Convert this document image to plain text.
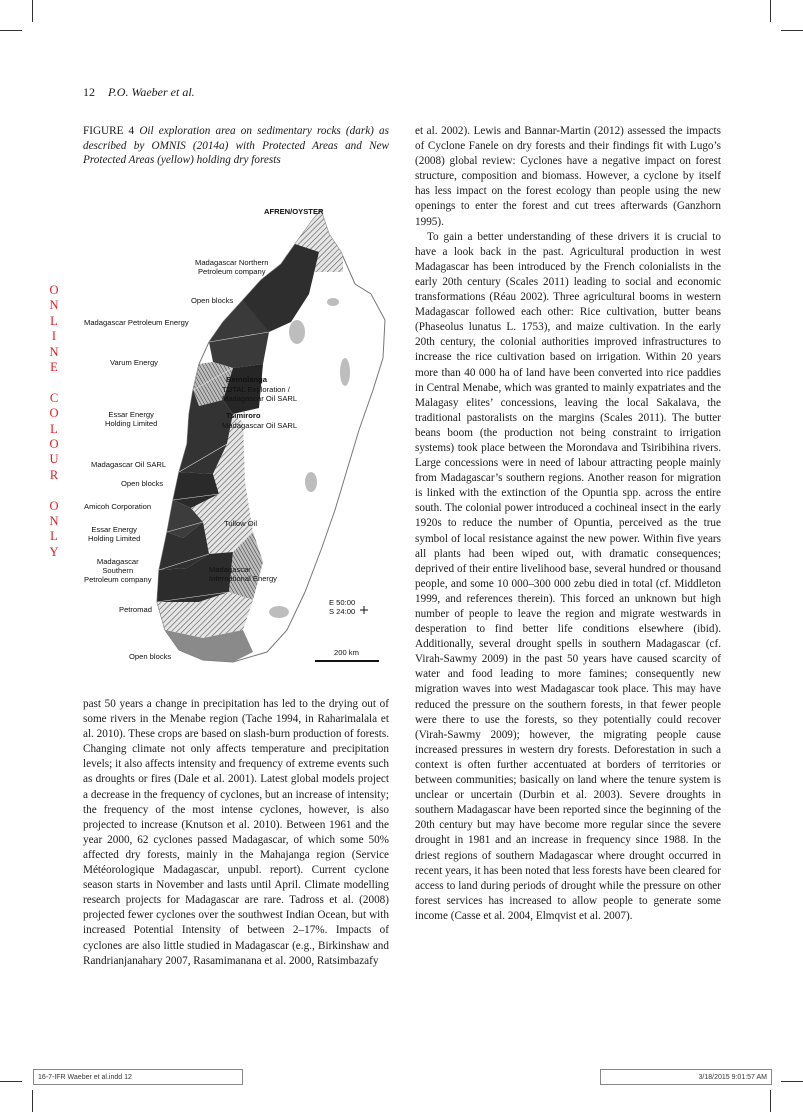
12 P.O. Waeber et al.
FIGURE 4 Oil exploration area on sedimentary rocks (dark) as described by OMNIS (2014a) with Protected Areas and New Protected Areas (yellow) holding dry forests
AFREN/OYSTER
Madagascar Northern
Petroleum company
Open blocks
Madagascar Petroleum Energy
Varum Energy
Bemolanga
TOTAL Exploration /
Madagascar Oil SARL
Tsimiroro
Madagascar Oil SARL
Essar Energy
Holding Limited
Madagascar Oil SARL
Open blocks
Amicoh Corporation
Essar Energy
Holding Limited
Tullow Oil
Madagascar
Southern
Petroleum company
Madagascar
International Energy
Petromad
E 50:00
S 24:00
Open blocks	200 km
O
N
L
I
N
E
C
O
L
O
U
R
O
N
L
Y

past 50 years a change in precipitation has led to the drying out of some rivers in the Menabe region (Tache 1994, in Raharimalala et al. 2010). These crops are based on slash-burn production of forests. Changing climate not only affects temperature and precipitation levels; it also affects intensity and frequency of extreme events such as droughts or fires (Dale et al. 2001). Latest global models project a decrease in the frequency of cyclones, but an increase of intensity; the frequency of the most intense cyclones, however, is also projected to increase (Knutson et al. 2010). Between 1961 and the year 2000, 62 cyclones passed Madagascar, of which some 50% affected dry forests, mainly in the Mahajanga region (Service Météorologique Madagascar, unpubl. report). Current cyclone season starts in November and lasts until April. Climate modelling research projects for Madagascar are rare. Tadross et al. (2008) projected fewer cyclones over the southwest Indian Ocean, but with increased Potential Intensity of between 2–17%. Impacts of cyclones are also little studied in Madagascar (e.g., Birkinshaw and Randrianjanahary 2007, Rasamimanana et al. 2000, Ratsimbazafy

et al. 2002). Lewis and Bannar-Martin (2012) assessed the impacts of Cyclone Fanele on dry forests and their findings fit with Lugo’s (2008) global review: Cyclones have a negative impact on forest structure, composition and biomass. However, a cyclone by itself has less impact on the forest ecology than people using the new openings to enter the forest and cut trees afterwards (Ganzhorn 1995).

To gain a better understanding of these drivers it is crucial to have a look back in the past. Agricultural production in west Madagascar has been introduced by the French colonialists in the early 20th century (Scales 2011) leading to social and economic transformations (Réau 2002). Three agricultural booms in western Madagascar followed each other: Rice cultivation, butter beans (Phaseolus lunatus L. 1753), and maize cultivation. In the early 20th century, the colonial authorities improved infrastructures to increase the rice cultivation based on irrigation. Within 20 years more than 40 000 ha of land have been converted into rice paddies in Central Menabe, which was granted to mainly expatriates and the Malagasy elites’ concessions, leaving the local Sakalava, the traditional pastoralists on the margins (Scales 2011). The butter beans boom (the production not being constraint to irrigation systems) took place between the Morondava and Tsiribihina rivers. Large concessions were in need of labour attracting people mainly from Madagascar’s southern regions. Another reason for migration is linked with the extinction of the Opuntia spp. across the entire south. The colonial power introduced a cochineal insect in the early 1920s to reduce the number of Opuntia, perceived as the true symbol of local resistance against the new power. Within five years all plants had been wiped out, with dramatic consequences; deprived of their entire livelihood base, several hundred or thousand people, and some 10 000–300 000 zebu died in total (cf. Middleton 1999, and references therein). This forced an unknown but high number of people to leave the region and migrate westwards in desperation to find better life conditions elsewhere (ibid). Additionally, several drought spells in southern Madagascar (cf. Virah-Sawmy 2009) in the past 50 years have caused scarcity of water and food leading to more famines; consequently new migration waves into west Madagascar took place. This may have reduced the pressure on the southern forests, in that fewer people were there to use the forests, so they potentially could recover (Virah-Sawmy 2009); however, the migrating people cause increased pressures in western dry forests. Deforestation in such a context is often further accentuated at borders of territories or between communities; basically on land where the tenure system is unclear or uncertain (Durbin et al. 2003). Severe droughts in southern Madagascar have been reported since the beginning of the 20th century but may have become more regular since the severe drought in 1981 and an increase in frequency since 1988. In the driest regions of southern Madagascar where drought occurred in recent years, it has been noted that less forests have been cleared for access to land during periods of drought while the pressure on other forest services has increased to allow people to generate some income (Casse et al. 2004, Elmqvist et al. 2007).

16-7-IFR Waeber et al.indd 12	3/18/2015 9:01:57 AM
